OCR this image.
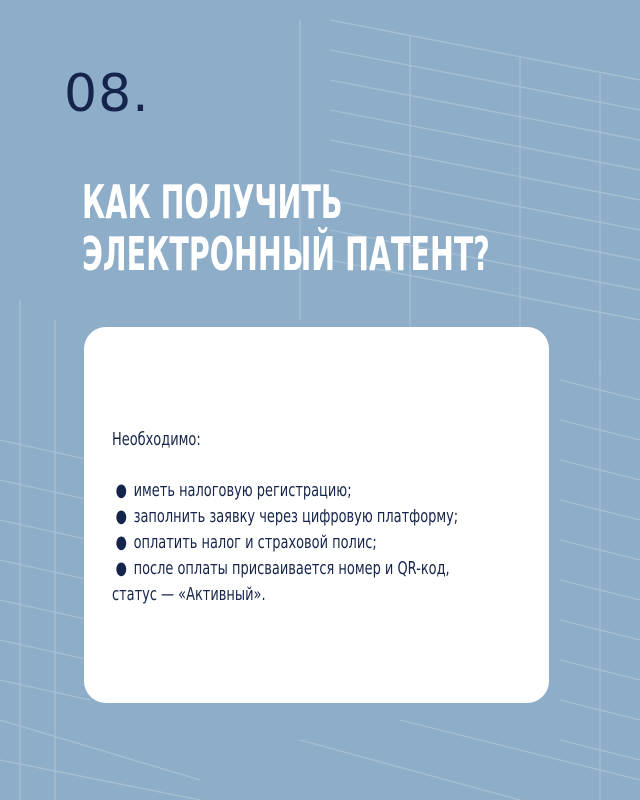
08.
КАК ПОЛУЧИТЬ
ЭЛЕКТРОННЫЙ ПАТЕНТ?

Необходимо:

● иметь налоговую регистрацию;
● заполнить заявку через цифровую платформу;
● оплатить налог и страховой полис;
● после оплаты присваивается номер и QR-код,

статус — «Активный».
